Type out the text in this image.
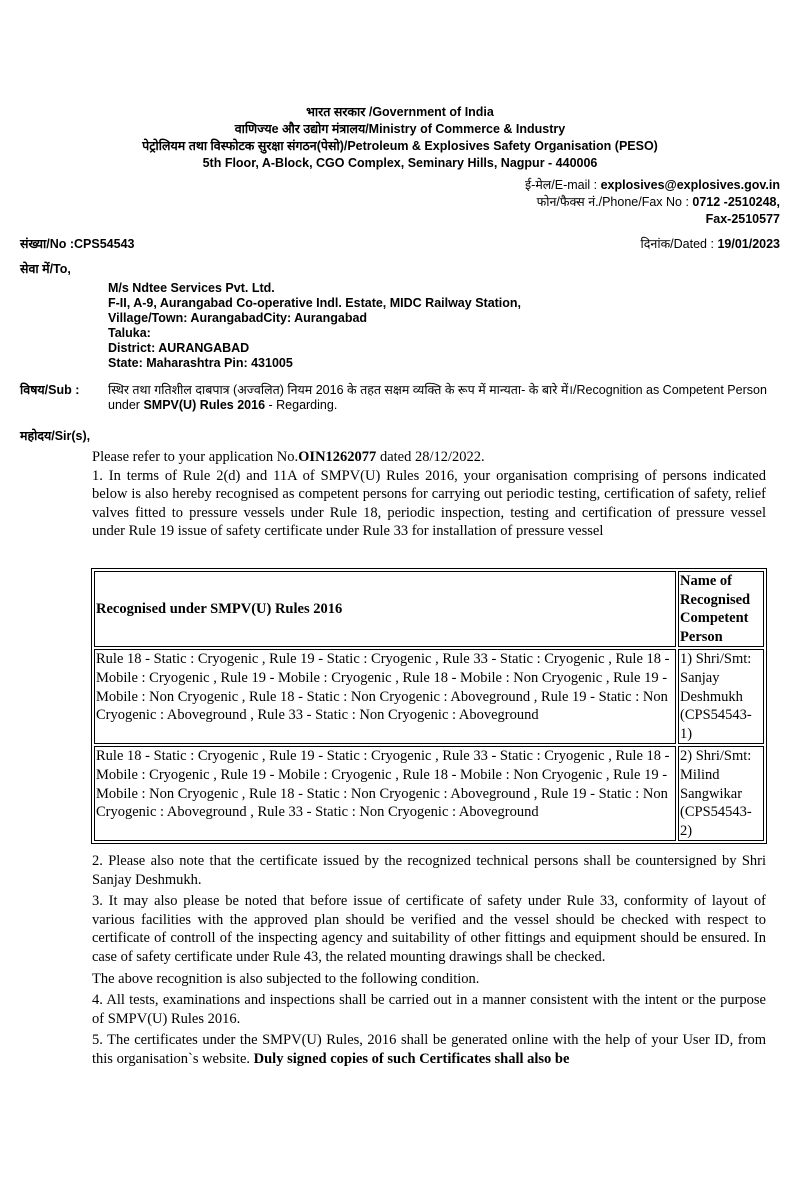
भारत सरकार /Government of India
वाणिज्यe और उद्योग मंत्रालय/Ministry of Commerce & Industry
पेट्रोलियम तथा विस्फोटक सुरक्षा संगठन(पेसो)/Petroleum & Explosives Safety Organisation (PESO)
5th Floor, A-Block, CGO Complex, Seminary Hills, Nagpur - 440006
ई-मेल/E-mail : explosives@explosives.gov.in
फोन/फैक्स नं./Phone/Fax No : 0712 -2510248,
Fax-2510577
संख्या/No :CPS54543	दिनांक/Dated : 19/01/2023
सेवा में/To,
M/s Ndtee Services Pvt. Ltd.
F-II, A-9, Aurangabad Co-operative Indl. Estate, MIDC Railway Station,
Village/Town: AurangabadCity: Aurangabad
Taluka:
District: AURANGABAD
State: Maharashtra Pin: 431005
विषय/Sub : स्थिर तथा गतिशील दाबपात्र (अज्वलित) नियम 2016 के तहत सक्षम व्यक्ति के रूप में मान्यता- के बारे में।/Recognition as Competent Person under SMPV(U) Rules 2016 - Regarding.
महोदय/Sir(s),

Please refer to your application No.OIN1262077 dated 28/12/2022.

1. In terms of Rule 2(d) and 11A of SMPV(U) Rules 2016, your organisation comprising of persons indicated below is also hereby recognised as competent persons for carrying out periodic testing, certification of safety, relief valves fitted to pressure vessels under Rule 18, periodic inspection, testing and certification of pressure vessel under Rule 19 issue of safety certificate under Rule 33 for installation of pressure vessel

Recognised under SMPV(U) Rules 2016	Name of Recognised Competent Person
Rule 18 - Static : Cryogenic , Rule 19 - Static : Cryogenic , Rule 33 - Static : Cryogenic , Rule 18 - Mobile : Cryogenic , Rule 19 - Mobile : Cryogenic , Rule 18 - Mobile : Non Cryogenic , Rule 19 - Mobile : Non Cryogenic , Rule 18 - Static : Non Cryogenic : Aboveground , Rule 19 - Static : Non Cryogenic : Aboveground , Rule 33 - Static : Non Cryogenic : Aboveground	1) Shri/Smt: Sanjay Deshmukh (CPS54543-1)
Rule 18 - Static : Cryogenic , Rule 19 - Static : Cryogenic , Rule 33 - Static : Cryogenic , Rule 18 - Mobile : Cryogenic , Rule 19 - Mobile : Cryogenic , Rule 18 - Mobile : Non Cryogenic , Rule 19 - Mobile : Non Cryogenic , Rule 18 - Static : Non Cryogenic : Aboveground , Rule 19 - Static : Non Cryogenic : Aboveground , Rule 33 - Static : Non Cryogenic : Aboveground	2) Shri/Smt: Milind Sangwikar (CPS54543-2)

2. Please also note that the certificate issued by the recognized technical persons shall be countersigned by Shri Sanjay Deshmukh.

3. It may also please be noted that before issue of certificate of safety under Rule 33, conformity of layout of various facilities with the approved plan should be verified and the vessel should be checked with respect to certificate of controll of the inspecting agency and suitability of other fittings and equipment should be ensured. In case of safety certificate under Rule 43, the related mounting drawings shall be checked.

The above recognition is also subjected to the following condition.

4. All tests, examinations and inspections shall be carried out in a manner consistent with the intent or the purpose of SMPV(U) Rules 2016.

5. The certificates under the SMPV(U) Rules, 2016 shall be generated online with the help of your User ID, from this organisation`s website. Duly signed copies of such Certificates shall also be
